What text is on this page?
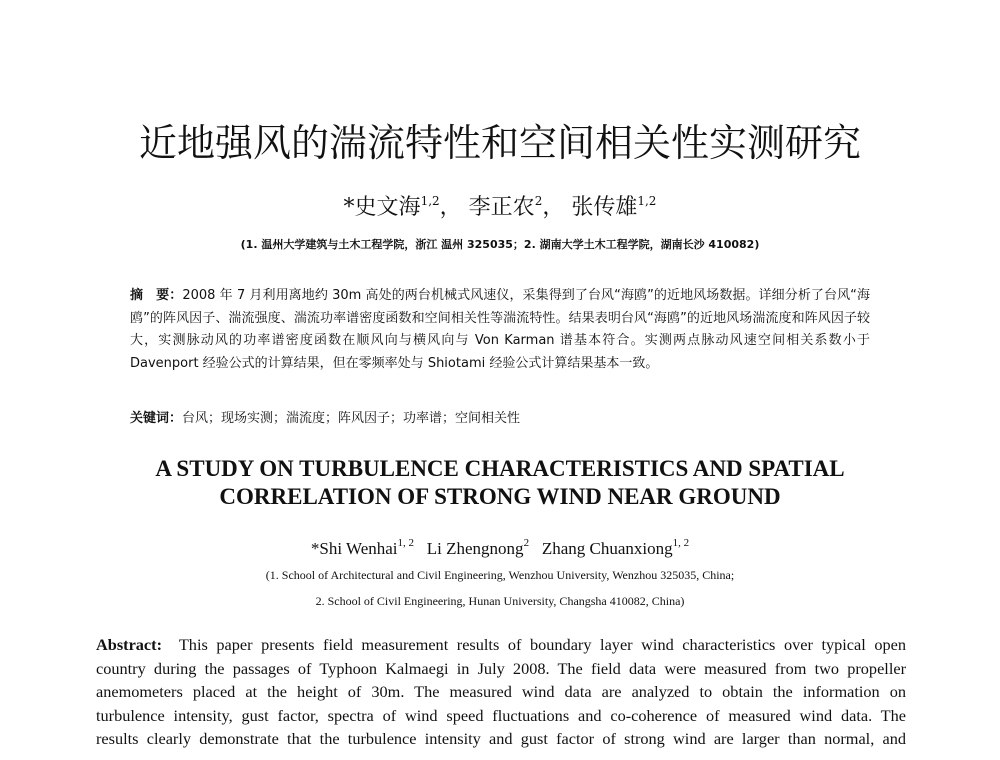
近地强风的湍流特性和空间相关性实测研究
*史文海$^{1,2}$， 李正农$^2$， 张传雄$^{1,2}$
(1. 温州大学建筑与土木工程学院，浙江 温州 325035；2. 湖南大学土木工程学院，湖南长沙 410082)

摘　要：2008 年 7 月利用离地约 30m 高处的两台机械式风速仪，采集得到了台风“海鸥”的近地风场数据。详细分析了台风“海鸥”的阵风因子、湍流强度、湍流功率谱密度函数和空间相关性等湍流特性。结果表明台风“海鸥”的近地风场湍流度和阵风因子较大，实测脉动风的功率谱密度函数在顺风向与横风向与 Von Karman 谱基本符合。实测两点脉动风速空间相关系数小于 Davenport 经验公式的计算结果，但在零频率处与 Shiotami 经验公式计算结果基本一致。

关键词：台风；现场实测；湍流度；阵风因子；功率谱；空间相关性

A STUDY ON TURBULENCE CHARACTERISTICS AND SPATIAL
CORRELATION OF STRONG WIND NEAR GROUND
*Shi Wenhai$^{1, 2}$ Li Zhengnong$^2$ Zhang Chuanxiong$^{1, 2}$
(1. School of Architectural and Civil Engineering, Wenzhou University, Wenzhou 325035, China;
2. School of Civil Engineering, Hunan University, Changsha 410082, China)
Abstract: This paper presents field measurement results of boundary layer wind characteristics over typical open
country during the passages of Typhoon Kalmaegi in July 2008. The field data were measured from two propeller
anemometers placed at the height of 30m. The measured wind data are analyzed to obtain the information on
turbulence intensity, gust factor, spectra of wind speed fluctuations and co-coherence of measured wind data. The
results clearly demonstrate that the turbulence intensity and gust factor of strong wind are larger than normal, and
